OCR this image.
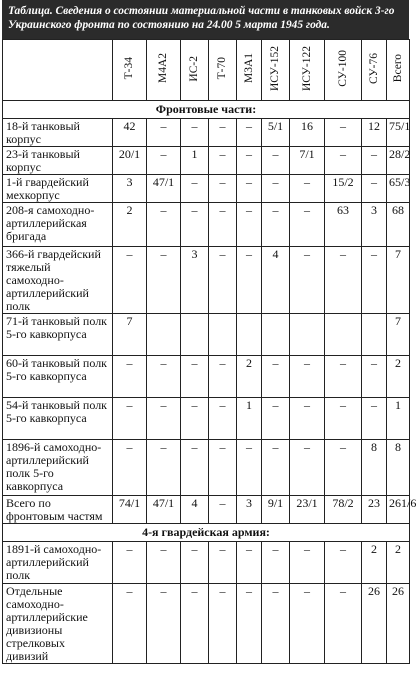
Таблица. Сведения о состоянии материальной части в танковых войск 3-го Украинского фронта по состоянию на 24.00 5 марта 1945 года.
	Т-34	М4А2	ИС-2	Т-70	М3А1	ИСУ-152	ИСУ-122	СУ-100	СУ-76	Всего
Фронтовые части:										
18-й танковый корпус	42	–	–	–	–	5/1	16	–	12	75/1
23-й танковый корпус	20/1	–	1	–	–	–	7/1	–	–	28/2
1-й гвардейский мехкорпус	3	47/1	–	–	–	–	–	15/2	–	65/3
208-я самоходно-артиллерийская бригада	2	–	–	–	–	–	–	63	3	68
366-й гвардейский тяжелый самоходно-артиллерийский полк	–	–	3	–	–	4	–	–	–	7
71-й танковый полк 5-го кавкорпуса	7									7
60-й танковый полк 5-го кавкорпуса	–	–	–	–	2	–	–	–	–	2
54-й танковый полк 5-го кавкорпуса	–	–	–	–	1	–	–	–	–	1
1896-й самоходно-артиллерийский полк 5-го кавкорпуса	–	–	–	–	–	–	–	–	8	8
Всего по фронтовым частям	74/1	47/1	4	–	3	9/1	23/1	78/2	23	261/6
4-я гвардейская армия:										
1891-й самоходно-артиллерийский полк	–	–	–	–	–	–	–	–	2	2
Отдельные самоходно-артиллерийские дивизионы стрелковых дивизий	–	–	–	–	–	–	–	–	26	26
